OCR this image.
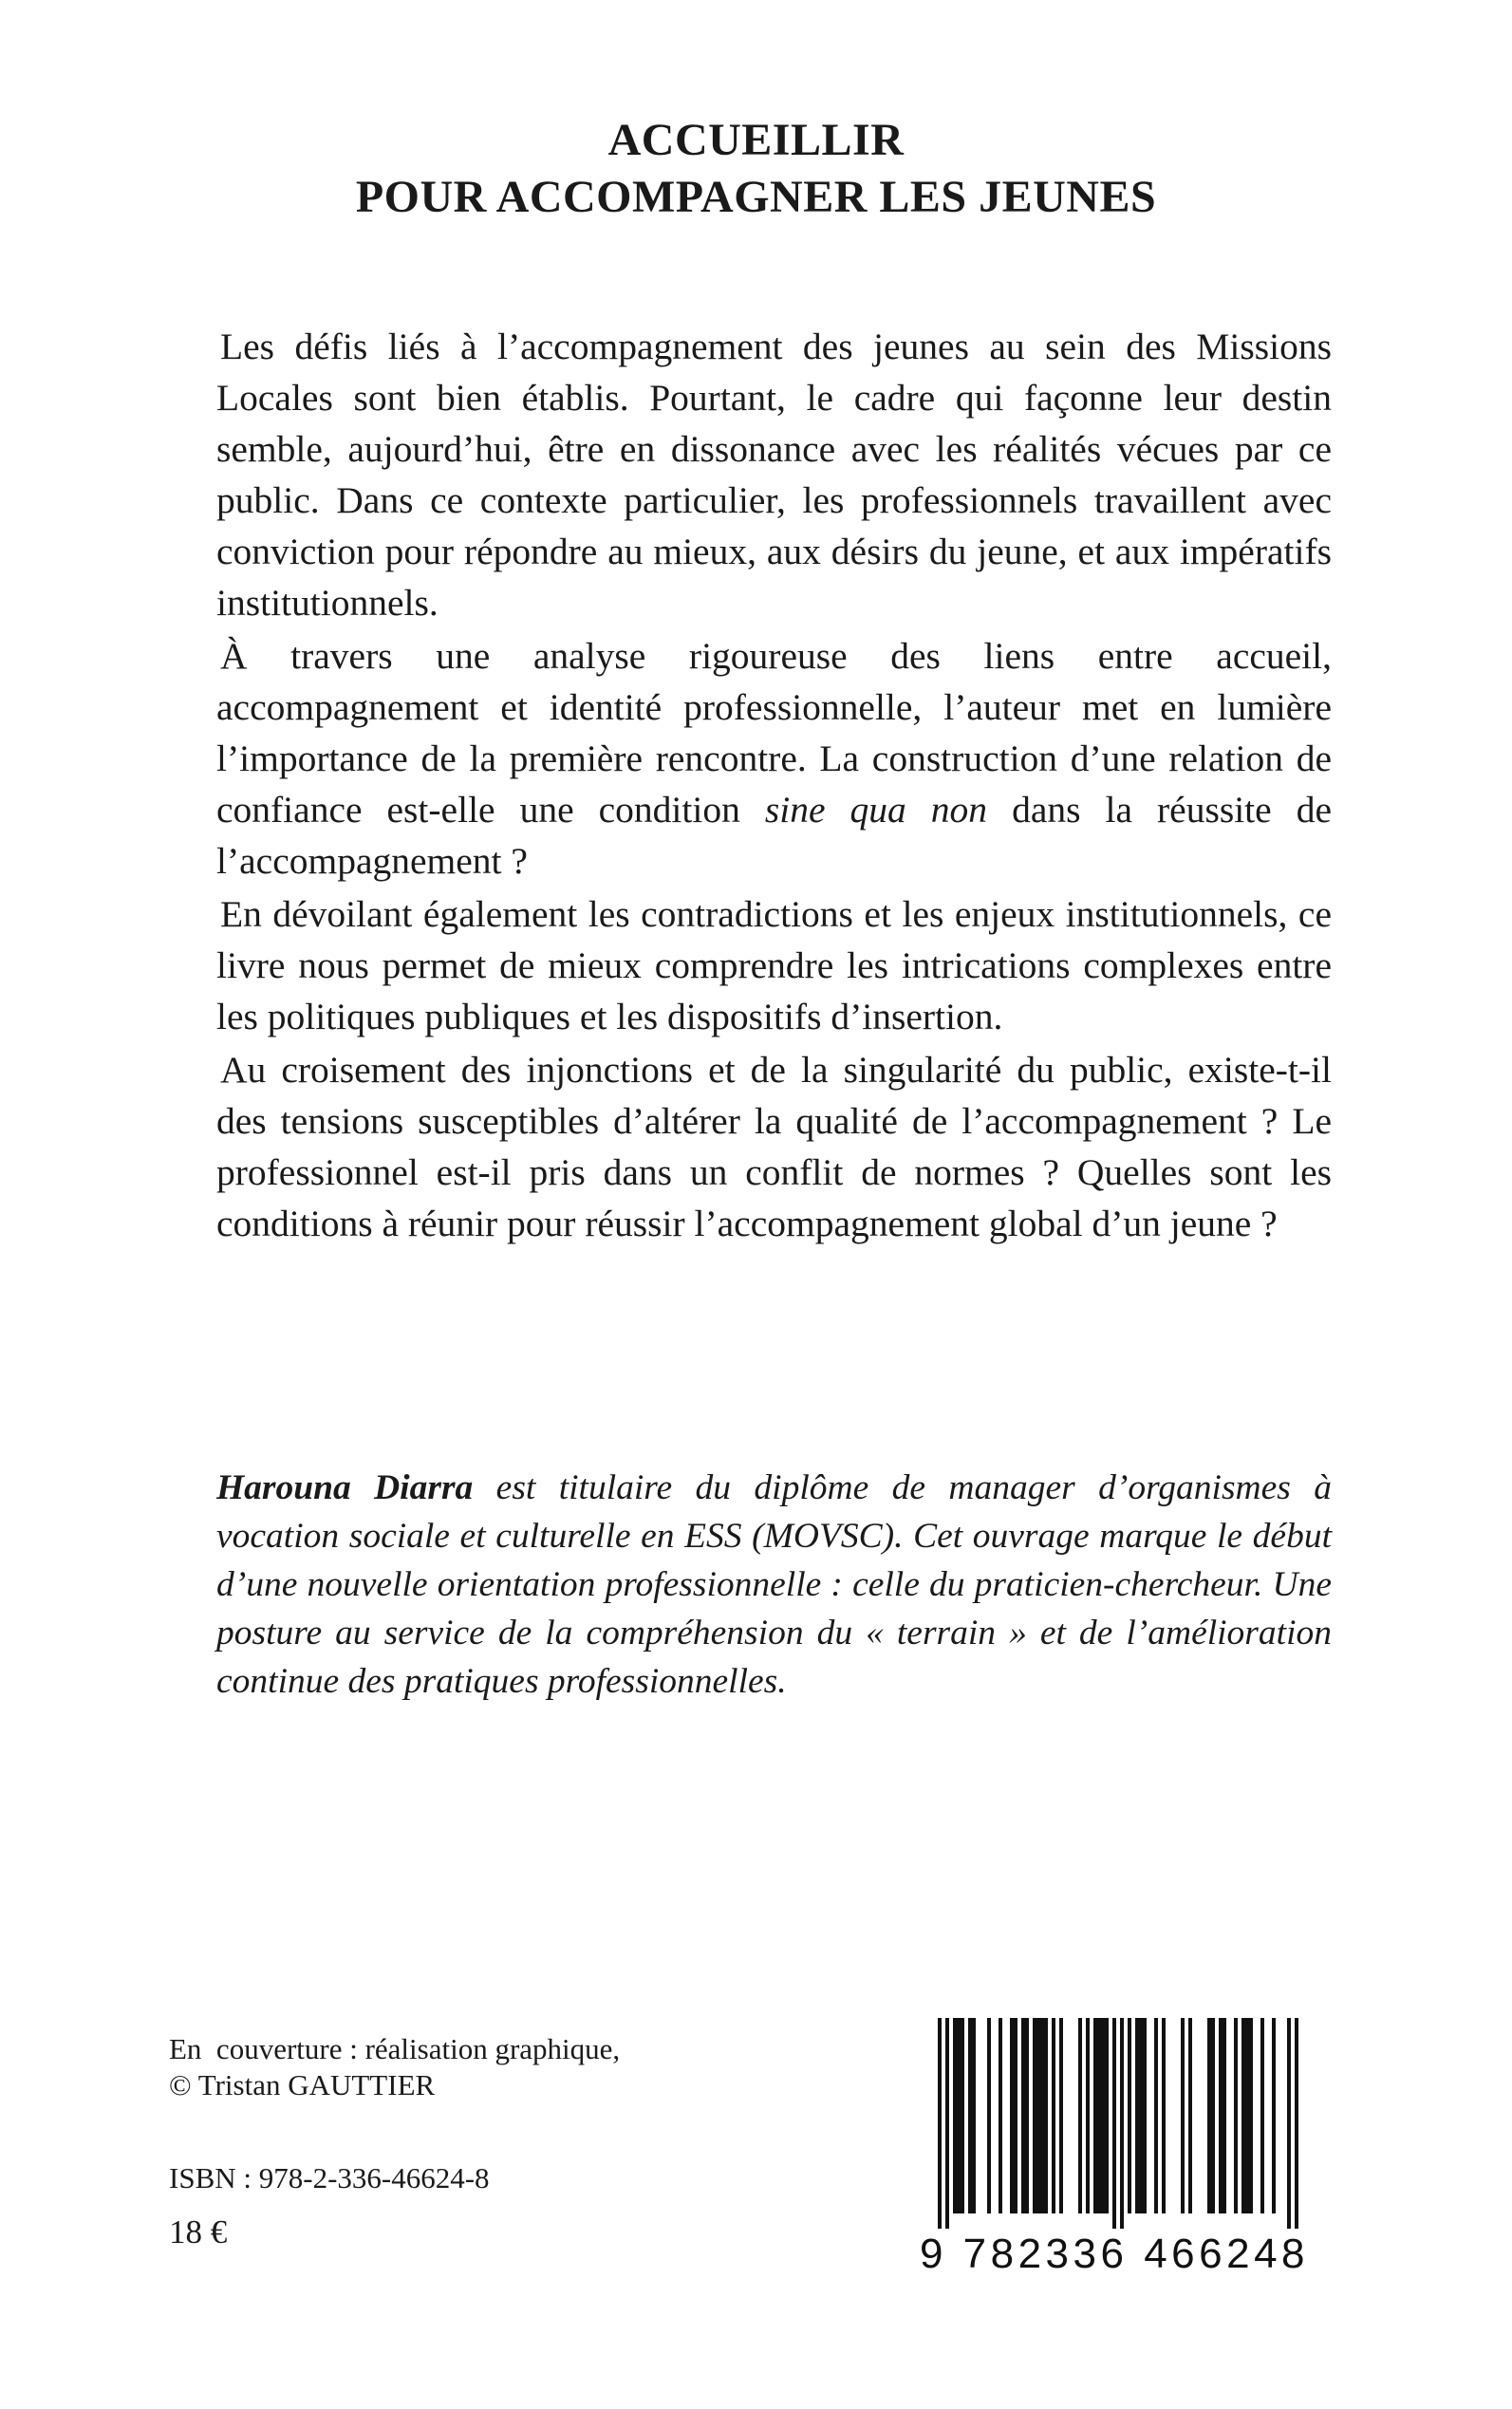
ACCUEILLIR
POUR ACCOMPAGNER LES JEUNES

Les défis liés à l’accompagnement des jeunes au sein des Missions Locales sont bien établis. Pourtant, le cadre qui façonne leur destin semble, aujourd’hui, être en dissonance avec les réalités vécues par ce public. Dans ce contexte particulier, les professionnels travaillent avec conviction pour répondre au mieux, aux désirs du jeune, et aux impératifs institutionnels.

À travers une analyse rigoureuse des liens entre accueil, accompagnement et identité professionnelle, l’auteur met en lumière l’importance de la première rencontre. La construction d’une relation de confiance est-elle une condition sine qua non dans la réussite de l’accompagnement ?

En dévoilant également les contradictions et les enjeux institutionnels, ce livre nous permet de mieux comprendre les intrications complexes entre les politiques publiques et les dispositifs d’insertion.

Au croisement des injonctions et de la singularité du public, existe-t-il des tensions susceptibles d’altérer la qualité de l’accompagnement ? Le professionnel est-il pris dans un conflit de normes ? Quelles sont les conditions à réunir pour réussir l’accompagnement global d’un jeune ?

Harouna Diarra est titulaire du diplôme de manager d’organismes à vocation sociale et culturelle en ESS (MOVSC). Cet ouvrage marque le début d’une nouvelle orientation professionnelle : celle du praticien-chercheur. Une posture au service de la compréhension du « terrain » et de l’amélioration continue des pratiques professionnelles.
En  couverture : réalisation graphique,
© Tristan GAUTTIER
ISBN : 978-2-336-46624-8
18 €	9 782336 466248
